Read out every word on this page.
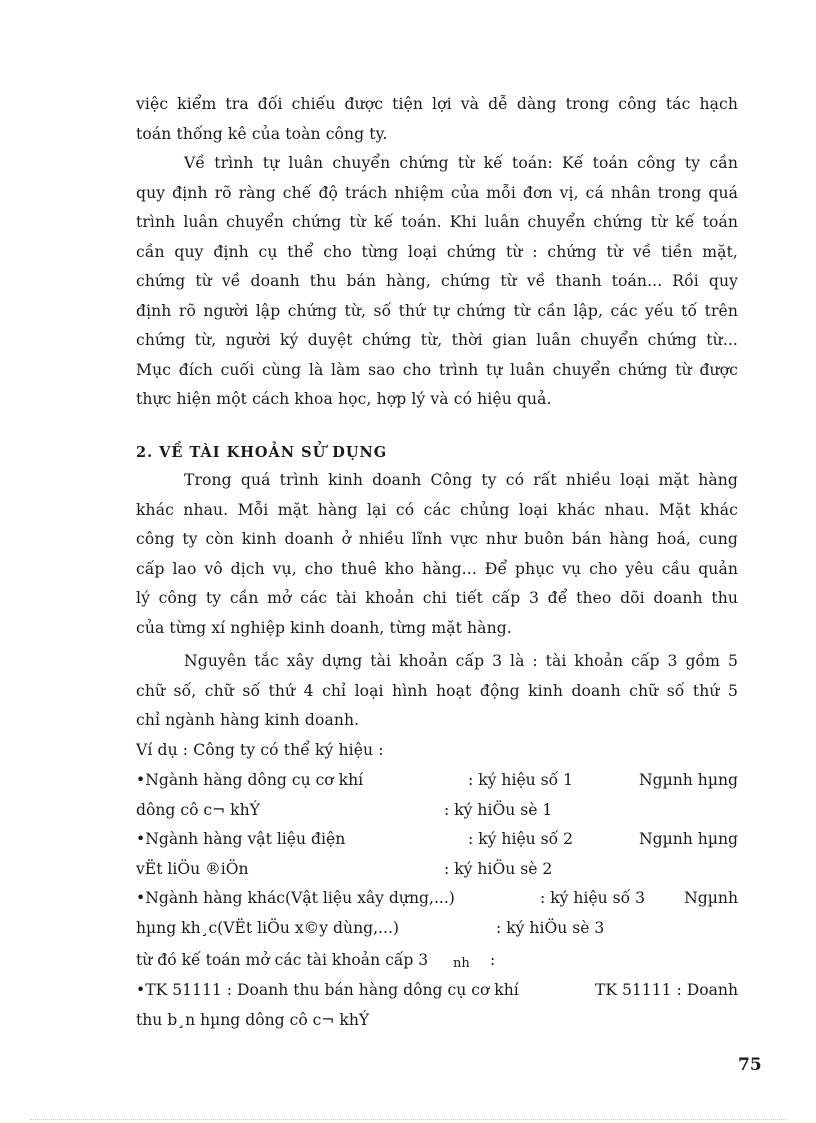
việc kiểm tra đối chiếu được tiện lợi và dễ dàng trong công tác hạch
toán thống kê của toàn công ty.
Về trình tự luân chuyển chứng từ kế toán: Kế toán công ty cần
quy định rõ ràng chế độ trách nhiệm của mỗi đơn vị, cá nhân trong quá
trình luân chuyển chứng từ kế toán. Khi luân chuyển chứng từ kế toán
cần quy định cụ thể cho từng loại chứng từ : chứng từ về tiền mặt,
chứng từ về doanh thu bán hàng, chứng từ về thanh toán... Rồi quy
định rõ người lập chứng từ, số thứ tự chứng từ cần lập, các yếu tố trên
chứng từ, người ký duyệt chứng từ, thời gian luân chuyển chứng từ...
Mục đích cuối cùng là làm sao cho trình tự luân chuyển chứng từ được
thực hiện một cách khoa học, hợp lý và có hiệu quả.
2. VỀ TÀI KHOẢN SỬ DỤNG
Trong quá trình kinh doanh Công ty có rất nhiều loại mặt hàng
khác nhau. Mỗi mặt hàng lại có các chủng loại khác nhau. Mặt khác
công ty còn kinh doanh ở nhiều lĩnh vực như buôn bán hàng hoá, cung
cấp lao vô dịch vụ, cho thuê kho hàng... Để phục vụ cho yêu cầu quản
lý công ty cần mở các tài khoản chi tiết cấp 3 để theo dõi doanh thu
của từng xí nghiệp kinh doanh, từng mặt hàng.
Nguyên tắc xây dựng tài khoản cấp 3 là : tài khoản cấp 3 gồm 5
chữ số, chữ số thứ 4 chỉ loại hình hoạt động kinh doanh chữ số thứ 5
chỉ ngành hàng kinh doanh.
Ví dụ : Công ty có thể ký hiệu :
•Ngành hàng dông cụ cơ khí	: ký hiệu số 1	Ngµnh hµng
dông cô c¬ khÝ	: ký hiÖu sè 1
•Ngành hàng vật liệu điện	: ký hiệu số 2	Ngµnh hµng
vËt liÖu ®iÖn	: ký hiÖu sè 2
•Ngành hàng khác(Vật liệu xây dựng,...)	: ký hiệu số 3	Ngµnh
hµng kh¸c(VËt liÖu x©y dùng,...)	: ký hiÖu sè 3
từ đó kế toán mở các tài khoản cấp 3 nh :
•TK 51111 : Doanh thu bán hàng dông cụ cơ khí	TK 51111 : Doanh
thu b¸n hµng dông cô c¬ khÝ
75
